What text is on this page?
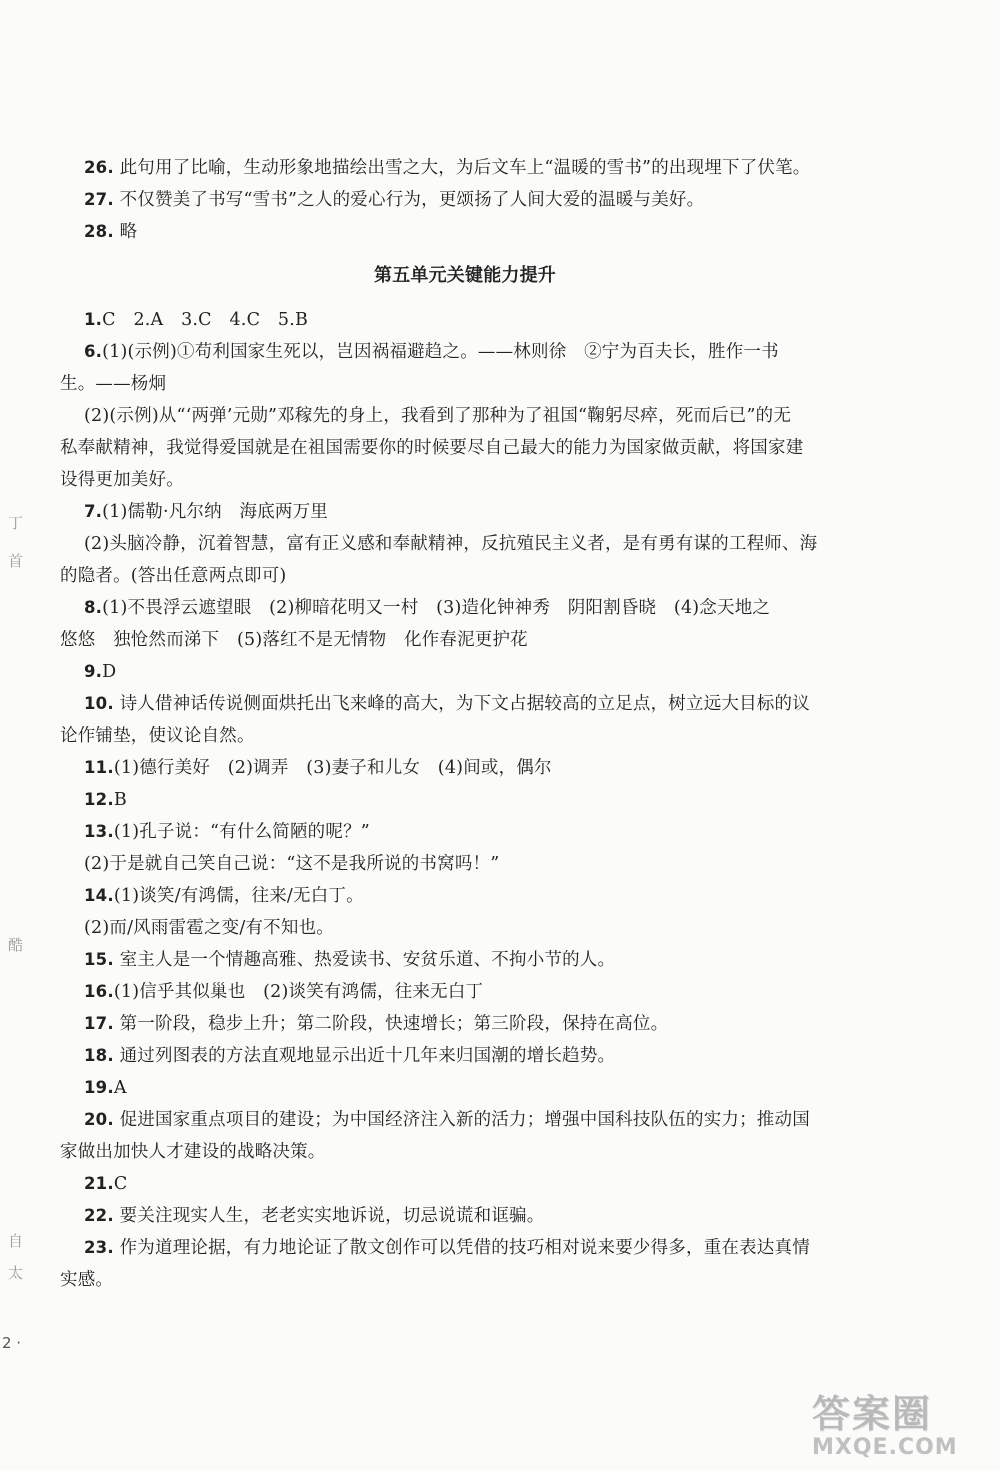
26. 此句用了比喻，生动形象地描绘出雪之大，为后文车上“温暖的雪书”的出现埋下了伏笔。
27. 不仅赞美了书写“雪书”之人的爱心行为，更颂扬了人间大爱的温暖与美好。
28. 略
第五单元关键能力提升
1.C　2.A　3.C　4.C　5.B
6.(1)(示例)①苟利国家生死以，岂因祸福避趋之。——林则徐　②宁为百夫长，胜作一书
生。——杨炯
(2)(示例)从“‘两弹’元勋”邓稼先的身上，我看到了那种为了祖国“鞠躬尽瘁，死而后已”的无
私奉献精神，我觉得爱国就是在祖国需要你的时候要尽自己最大的能力为国家做贡献，将国家建
设得更加美好。
7.(1)儒勒·凡尔纳　海底两万里
(2)头脑冷静，沉着智慧，富有正义感和奉献精神，反抗殖民主义者，是有勇有谋的工程师、海
的隐者。(答出任意两点即可)
8.(1)不畏浮云遮望眼　(2)柳暗花明又一村　(3)造化钟神秀　阴阳割昏晓　(4)念天地之
悠悠　独怆然而涕下　(5)落红不是无情物　化作春泥更护花
9.D
10. 诗人借神话传说侧面烘托出飞来峰的高大，为下文占据较高的立足点，树立远大目标的议
论作铺垫，使议论自然。
11.(1)德行美好　(2)调弄　(3)妻子和儿女　(4)间或，偶尔
12.B
13.(1)孔子说：“有什么简陋的呢？”
(2)于是就自己笑自己说：“这不是我所说的书窝吗！”
14.(1)谈笑/有鸿儒，往来/无白丁。
(2)而/风雨雷雹之变/有不知也。
15. 室主人是一个情趣高雅、热爱读书、安贫乐道、不拘小节的人。
16.(1)信乎其似巢也　(2)谈笑有鸿儒，往来无白丁
17. 第一阶段，稳步上升；第二阶段，快速增长；第三阶段，保持在高位。
18. 通过列图表的方法直观地显示出近十几年来归国潮的增长趋势。
19.A
20. 促进国家重点项目的建设；为中国经济注入新的活力；增强中国科技队伍的实力；推动国
家做出加快人才建设的战略决策。
21.C
22. 要关注现实人生，老老实实地诉说，切忌说谎和诓骗。
23. 作为道理论据，有力地论证了散文创作可以凭借的技巧相对说来要少得多，重在表达真情
实感。
丁
首
酷
自
太
2 ·
答案圈
MXQE.COM
